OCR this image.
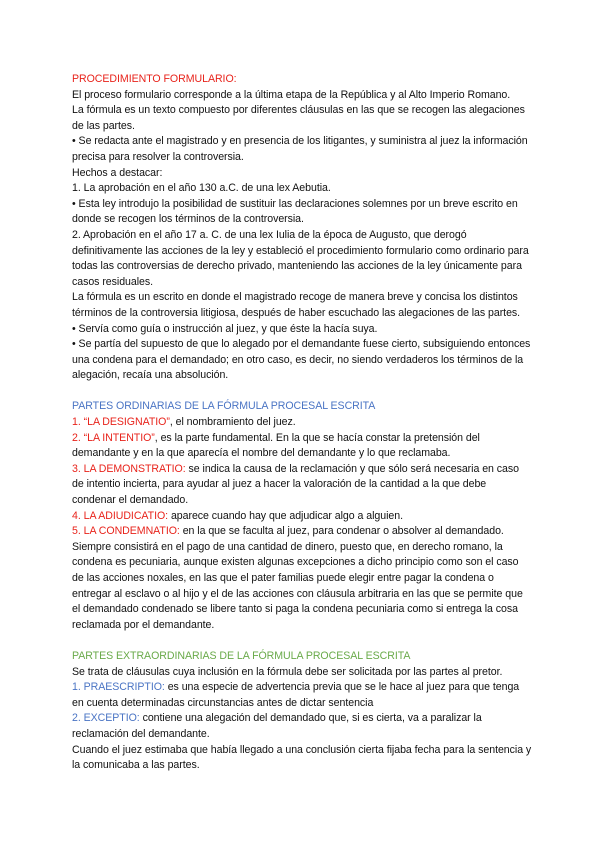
PROCEDIMIENTO FORMULARIO:

El proceso formulario corresponde a la última etapa de la República y al Alto Imperio Romano.

La fórmula es un texto compuesto por diferentes cláusulas en las que se recogen las alegaciones de las partes.

• Se redacta ante el magistrado y en presencia de los litigantes, y suministra al juez la información precisa para resolver la controversia.

Hechos a destacar:

1. La aprobación en el año 130 a.C. de una lex Aebutia.

• Esta ley introdujo la posibilidad de sustituir las declaraciones solemnes por un breve escrito en donde se recogen los términos de la controversia.

2. Aprobación en el año 17 a. C. de una lex Iulia de la época de Augusto, que derogó definitivamente las acciones de la ley y estableció el procedimiento formulario como ordinario para todas las controversias de derecho privado, manteniendo las acciones de la ley únicamente para casos residuales.

La fórmula es un escrito en donde el magistrado recoge de manera breve y concisa los distintos términos de la controversia litigiosa, después de haber escuchado las alegaciones de las partes.

• Servía como guía o instrucción al juez, y que éste la hacía suya.

• Se partía del supuesto de que lo alegado por el demandante fuese cierto, subsiguiendo entonces una condena para el demandado; en otro caso, es decir, no siendo verdaderos los términos de la alegación, recaía una absolución.

PARTES ORDINARIAS DE LA FÓRMULA PROCESAL ESCRITA

1. “LA DESIGNATIO”, el nombramiento del juez.

2. “LA INTENTIO”, es la parte fundamental. En la que se hacía constar la pretensión del demandante y en la que aparecía el nombre del demandante y lo que reclamaba.

3. LA DEMONSTRATIO: se indica la causa de la reclamación y que sólo será necesaria en caso de intentio incierta, para ayudar al juez a hacer la valoración de la cantidad a la que debe condenar el demandado.

4. LA ADIUDICATIO: aparece cuando hay que adjudicar algo a alguien.

5. LA CONDEMNATIO: en la que se faculta al juez, para condenar o absolver al demandado. Siempre consistirá en el pago de una cantidad de dinero, puesto que, en derecho romano, la condena es pecuniaria, aunque existen algunas excepciones a dicho principio como son el caso de las acciones noxales, en las que el pater familias puede elegir entre pagar la condena o entregar al esclavo o al hijo y el de las acciones con cláusula arbitraria en las que se permite que el demandado condenado se libere tanto si paga la condena pecuniaria como si entrega la cosa reclamada por el demandante.

PARTES EXTRAORDINARIAS DE LA FÓRMULA PROCESAL ESCRITA

Se trata de cláusulas cuya inclusión en la fórmula debe ser solicitada por las partes al pretor.

1. PRAESCRIPTIO: es una especie de advertencia previa que se le hace al juez para que tenga en cuenta determinadas circunstancias antes de dictar sentencia

2. EXCEPTIO: contiene una alegación del demandado que, si es cierta, va a paralizar la reclamación del demandante.

Cuando el juez estimaba que había llegado a una conclusión cierta fijaba fecha para la sentencia y la comunicaba a las partes.
